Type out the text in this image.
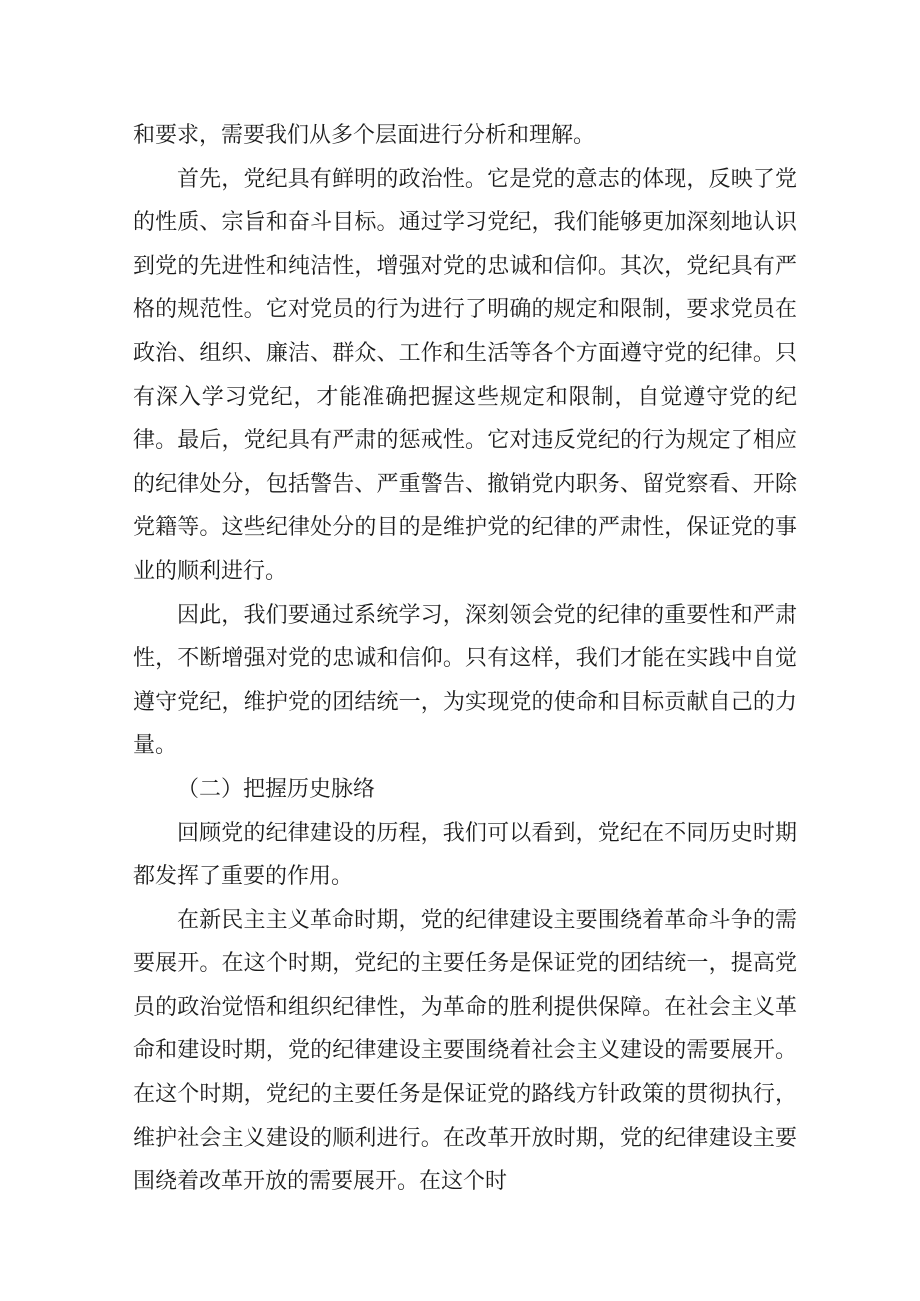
和要求，需要我们从多个层面进行分析和理解。

首先，党纪具有鲜明的政治性。它是党的意志的体现，反映了党的性质、宗旨和奋斗目标。通过学习党纪，我们能够更加深刻地认识到党的先进性和纯洁性，增强对党的忠诚和信仰。其次，党纪具有严格的规范性。它对党员的行为进行了明确的规定和限制，要求党员在政治、组织、廉洁、群众、工作和生活等各个方面遵守党的纪律。只有深入学习党纪，才能准确把握这些规定和限制，自觉遵守党的纪律。最后，党纪具有严肃的惩戒性。它对违反党纪的行为规定了相应的纪律处分，包括警告、严重警告、撤销党内职务、留党察看、开除党籍等。这些纪律处分的目的是维护党的纪律的严肃性，保证党的事业的顺利进行。

因此，我们要通过系统学习，深刻领会党的纪律的重要性和严肃性，不断增强对党的忠诚和信仰。只有这样，我们才能在实践中自觉遵守党纪，维护党的团结统一，为实现党的使命和目标贡献自己的力量。

（二）把握历史脉络

回顾党的纪律建设的历程，我们可以看到，党纪在不同历史时期都发挥了重要的作用。

在新民主主义革命时期，党的纪律建设主要围绕着革命斗争的需要展开。在这个时期，党纪的主要任务是保证党的团结统一，提高党员的政治觉悟和组织纪律性，为革命的胜利提供保障。在社会主义革命和建设时期，党的纪律建设主要围绕着社会主义建设的需要展开。在这个时期，党纪的主要任务是保证党的路线方针政策的贯彻执行，维护社会主义建设的顺利进行。在改革开放时期，党的纪律建设主要围绕着改革开放的需要展开。在这个时
